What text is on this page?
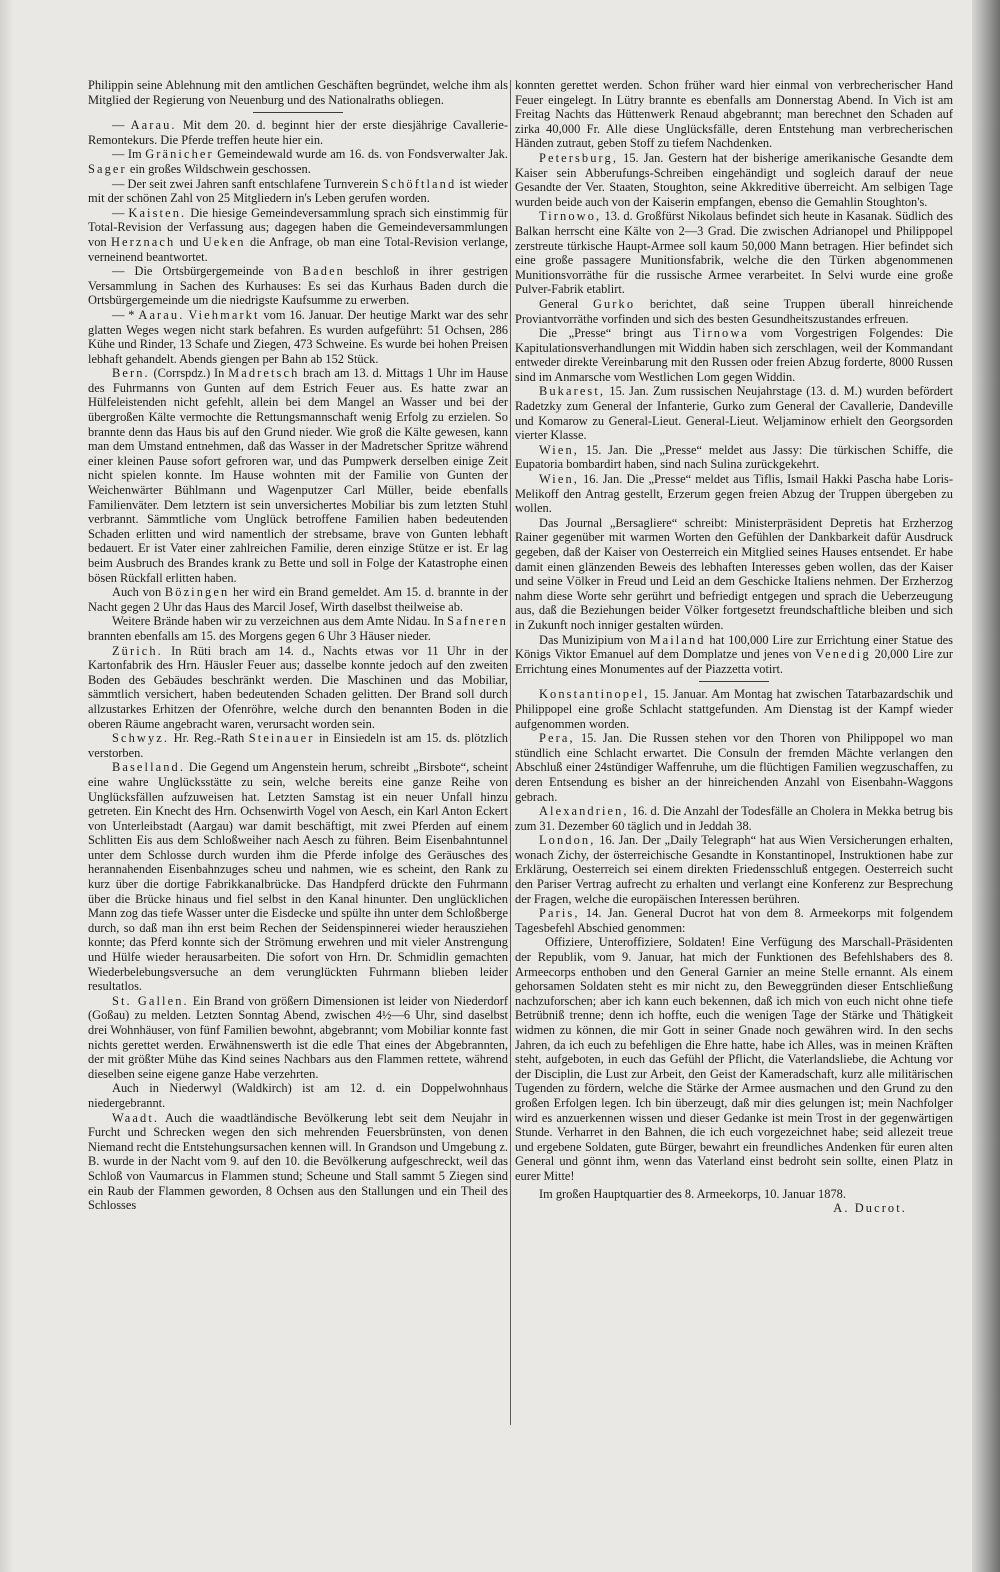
Philippin seine Ablehnung mit den amtlichen Geschäften begründet, welche ihm als Mitglied der Regierung von Neuenburg und des Nationalraths obliegen.

— Aarau. Mit dem 20. d. beginnt hier der erste diesjährige Cavallerie-Remontekurs. Die Pferde treffen heute hier ein.

— Im Gränicher Gemeindewald wurde am 16. ds. von Fondsverwalter Jak. Sager ein großes Wildschwein geschossen.

— Der seit zwei Jahren sanft entschlafene Turnverein Schöftland ist wieder mit der schönen Zahl von 25 Mitgliedern in's Leben gerufen worden.

— Kaisten. Die hiesige Gemeindeversammlung sprach sich einstimmig für Total-Revision der Verfassung aus; dagegen haben die Gemeindeversammlungen von Herznach und Ueken die Anfrage, ob man eine Total-Revision verlange, verneinend beantwortet.

— Die Ortsbürgergemeinde von Baden beschloß in ihrer gestrigen Versammlung in Sachen des Kurhauses: Es sei das Kurhaus Baden durch die Ortsbürgergemeinde um die niedrigste Kaufsumme zu erwerben.

— * Aarau. Viehmarkt vom 16. Januar. Der heutige Markt war des sehr glatten Weges wegen nicht stark befahren. Es wurden aufgeführt: 51 Ochsen, 286 Kühe und Rinder, 13 Schafe und Ziegen, 473 Schweine. Es wurde bei hohen Preisen lebhaft gehandelt. Abends giengen per Bahn ab 152 Stück.

Bern. (Corrspdz.) In Madretsch brach am 13. d. Mittags 1 Uhr im Hause des Fuhrmanns von Gunten auf dem Estrich Feuer aus. Es hatte zwar an Hülfeleistenden nicht gefehlt, allein bei dem Mangel an Wasser und bei der übergroßen Kälte vermochte die Rettungsmannschaft wenig Erfolg zu erzielen. So brannte denn das Haus bis auf den Grund nieder. Wie groß die Kälte gewesen, kann man dem Umstand entnehmen, daß das Wasser in der Madretscher Spritze während einer kleinen Pause sofort gefroren war, und das Pumpwerk derselben einige Zeit nicht spielen konnte. Im Hause wohnten mit der Familie von Gunten der Weichenwärter Bühlmann und Wagenputzer Carl Müller, beide ebenfalls Familienväter. Dem letztern ist sein unversichertes Mobiliar bis zum letzten Stuhl verbrannt. Sämmtliche vom Unglück betroffene Familien haben bedeutenden Schaden erlitten und wird namentlich der strebsame, brave von Gunten lebhaft bedauert. Er ist Vater einer zahlreichen Familie, deren einzige Stütze er ist. Er lag beim Ausbruch des Brandes krank zu Bette und soll in Folge der Katastrophe einen bösen Rückfall erlitten haben.

Auch von Bözingen her wird ein Brand gemeldet. Am 15. d. brannte in der Nacht gegen 2 Uhr das Haus des Marcil Josef, Wirth daselbst theilweise ab.

Weitere Brände haben wir zu verzeichnen aus dem Amte Nidau. In Safneren brannten ebenfalls am 15. des Morgens gegen 6 Uhr 3 Häuser nieder.

Zürich. In Rüti brach am 14. d., Nachts etwas vor 11 Uhr in der Kartonfabrik des Hrn. Häusler Feuer aus; dasselbe konnte jedoch auf den zweiten Boden des Gebäudes beschränkt werden. Die Maschinen und das Mobiliar, sämmtlich versichert, haben bedeutenden Schaden gelitten. Der Brand soll durch allzustarkes Erhitzen der Ofenröhre, welche durch den benannten Boden in die oberen Räume angebracht waren, verursacht worden sein.

Schwyz. Hr. Reg.-Rath Steinauer in Einsiedeln ist am 15. ds. plötzlich verstorben.

Baselland. Die Gegend um Angenstein herum, schreibt „Birsbote“, scheint eine wahre Unglücksstätte zu sein, welche bereits eine ganze Reihe von Unglücksfällen aufzuweisen hat. Letzten Samstag ist ein neuer Unfall hinzu getreten. Ein Knecht des Hrn. Ochsenwirth Vogel von Aesch, ein Karl Anton Eckert von Unterleibstadt (Aargau) war damit beschäftigt, mit zwei Pferden auf einem Schlitten Eis aus dem Schloßweiher nach Aesch zu führen. Beim Eisenbahntunnel unter dem Schlosse durch wurden ihm die Pferde infolge des Geräusches des herannahenden Eisenbahnzuges scheu und nahmen, wie es scheint, den Rank zu kurz über die dortige Fabrikkanalbrücke. Das Handpferd drückte den Fuhrmann über die Brücke hinaus und fiel selbst in den Kanal hinunter. Den unglücklichen Mann zog das tiefe Wasser unter die Eisdecke und spülte ihn unter dem Schloßberge durch, so daß man ihn erst beim Rechen der Seidenspinnerei wieder herausziehen konnte; das Pferd konnte sich der Strömung erwehren und mit vieler Anstrengung und Hülfe wieder herausarbeiten. Die sofort von Hrn. Dr. Schmidlin gemachten Wiederbelebungsversuche an dem verunglückten Fuhrmann blieben leider resultatlos.

St. Gallen. Ein Brand von größern Dimensionen ist leider von Niederdorf (Goßau) zu melden. Letzten Sonntag Abend, zwischen 4½—6 Uhr, sind daselbst drei Wohnhäuser, von fünf Familien bewohnt, abgebrannt; vom Mobiliar konnte fast nichts gerettet werden. Erwähnenswerth ist die edle That eines der Abgebrannten, der mit größter Mühe das Kind seines Nachbars aus den Flammen rettete, während dieselben seine eigene ganze Habe verzehrten.

Auch in Niederwyl (Waldkirch) ist am 12. d. ein Doppelwohnhaus niedergebrannt.

Waadt. Auch die waadtländische Bevölkerung lebt seit dem Neujahr in Furcht und Schrecken wegen den sich mehrenden Feuersbrünsten, von denen Niemand recht die Entstehungsursachen kennen will. In Grandson und Umgebung z. B. wurde in der Nacht vom 9. auf den 10. die Bevölkerung aufgeschreckt, weil das Schloß von Vaumarcus in Flammen stund; Scheune und Stall sammt 5 Ziegen sind ein Raub der Flammen geworden, 8 Ochsen aus den Stallungen und ein Theil des Schlosses

konnten gerettet werden. Schon früher ward hier einmal von verbrecherischer Hand Feuer eingelegt. In Lütry brannte es ebenfalls am Donnerstag Abend. In Vich ist am Freitag Nachts das Hüttenwerk Renaud abgebrannt; man berechnet den Schaden auf zirka 40,000 Fr. Alle diese Unglücksfälle, deren Entstehung man verbrecherischen Händen zutraut, geben Stoff zu tiefem Nachdenken.

Petersburg, 15. Jan. Gestern hat der bisherige amerikanische Gesandte dem Kaiser sein Abberufungs-Schreiben eingehändigt und sogleich darauf der neue Gesandte der Ver. Staaten, Stoughton, seine Akkreditive überreicht. Am selbigen Tage wurden beide auch von der Kaiserin empfangen, ebenso die Gemahlin Stoughton's.

Tirnowo, 13. d. Großfürst Nikolaus befindet sich heute in Kasanak. Südlich des Balkan herrscht eine Kälte von 2—3 Grad. Die zwischen Adrianopel und Philippopel zerstreute türkische Haupt-Armee soll kaum 50,000 Mann betragen. Hier befindet sich eine große passagere Munitionsfabrik, welche die den Türken abgenommenen Munitionsvorräthe für die russische Armee verarbeitet. In Selvi wurde eine große Pulver-Fabrik etablirt.

General Gurko berichtet, daß seine Truppen überall hinreichende Proviantvorräthe vorfinden und sich des besten Gesundheitszustandes erfreuen.

Die „Presse“ bringt aus Tirnowa vom Vorgestrigen Folgendes: Die Kapitulationsverhandlungen mit Widdin haben sich zerschlagen, weil der Kommandant entweder direkte Vereinbarung mit den Russen oder freien Abzug forderte, 8000 Russen sind im Anmarsche vom Westlichen Lom gegen Widdin.

Bukarest, 15. Jan. Zum russischen Neujahrstage (13. d. M.) wurden befördert Radetzky zum General der Infanterie, Gurko zum General der Cavallerie, Dandeville und Komarow zu General-Lieut. General-Lieut. Weljaminow erhielt den Georgsorden vierter Klasse.

Wien, 15. Jan. Die „Presse“ meldet aus Jassy: Die türkischen Schiffe, die Eupatoria bombardirt haben, sind nach Sulina zurückgekehrt.

Wien, 16. Jan. Die „Presse“ meldet aus Tiflis, Ismail Hakki Pascha habe Loris-Melikoff den Antrag gestellt, Erzerum gegen freien Abzug der Truppen übergeben zu wollen.

Das Journal „Bersagliere“ schreibt: Ministerpräsident Depretis hat Erzherzog Rainer gegenüber mit warmen Worten den Gefühlen der Dankbarkeit dafür Ausdruck gegeben, daß der Kaiser von Oesterreich ein Mitglied seines Hauses entsendet. Er habe damit einen glänzenden Beweis des lebhaften Interesses geben wollen, das der Kaiser und seine Völker in Freud und Leid an dem Geschicke Italiens nehmen. Der Erzherzog nahm diese Worte sehr gerührt und befriedigt entgegen und sprach die Ueberzeugung aus, daß die Beziehungen beider Völker fortgesetzt freundschaftliche bleiben und sich in Zukunft noch inniger gestalten würden.

Das Munizipium von Mailand hat 100,000 Lire zur Errichtung einer Statue des Königs Viktor Emanuel auf dem Domplatze und jenes von Venedig 20,000 Lire zur Errichtung eines Monumentes auf der Piazzetta votirt.

Konstantinopel, 15. Januar. Am Montag hat zwischen Tatarbazardschik und Philippopel eine große Schlacht stattgefunden. Am Dienstag ist der Kampf wieder aufgenommen worden.

Pera, 15. Jan. Die Russen stehen vor den Thoren von Philippopel wo man stündlich eine Schlacht erwartet. Die Consuln der fremden Mächte verlangen den Abschluß einer 24stündiger Waffenruhe, um die flüchtigen Familien wegzuschaffen, zu deren Entsendung es bisher an der hinreichenden Anzahl von Eisenbahn-Waggons gebrach.

Alexandrien, 16. d. Die Anzahl der Todesfälle an Cholera in Mekka betrug bis zum 31. Dezember 60 täglich und in Jeddah 38.

London, 16. Jan. Der „Daily Telegraph“ hat aus Wien Versicherungen erhalten, wonach Zichy, der österreichische Gesandte in Konstantinopel, Instruktionen habe zur Erklärung, Oesterreich sei einem direkten Friedensschluß entgegen. Oesterreich sucht den Pariser Vertrag aufrecht zu erhalten und verlangt eine Konferenz zur Besprechung der Fragen, welche die europäischen Interessen berühren.

Paris, 14. Jan. General Ducrot hat von dem 8. Armeekorps mit folgendem Tagesbefehl Abschied genommen:

Offiziere, Unteroffiziere, Soldaten! Eine Verfügung des Marschall-Präsidenten der Republik, vom 9. Januar, hat mich der Funktionen des Befehlshabers des 8. Armeecorps enthoben und den General Garnier an meine Stelle ernannt. Als einem gehorsamen Soldaten steht es mir nicht zu, den Beweggründen dieser Entschließung nachzuforschen; aber ich kann euch bekennen, daß ich mich von euch nicht ohne tiefe Betrübniß trenne; denn ich hoffte, euch die wenigen Tage der Stärke und Thätigkeit widmen zu können, die mir Gott in seiner Gnade noch gewähren wird. In den sechs Jahren, da ich euch zu befehligen die Ehre hatte, habe ich Alles, was in meinen Kräften steht, aufgeboten, in euch das Gefühl der Pflicht, die Vaterlandsliebe, die Achtung vor der Disciplin, die Lust zur Arbeit, den Geist der Kameradschaft, kurz alle militärischen Tugenden zu fördern, welche die Stärke der Armee ausmachen und den Grund zu den großen Erfolgen legen. Ich bin überzeugt, daß mir dies gelungen ist; mein Nachfolger wird es anzuerkennen wissen und dieser Gedanke ist mein Trost in der gegenwärtigen Stunde. Verharret in den Bahnen, die ich euch vorgezeichnet habe; seid allezeit treue und ergebene Soldaten, gute Bürger, bewahrt ein freundliches Andenken für euren alten General und gönnt ihm, wenn das Vaterland einst bedroht sein sollte, einen Platz in eurer Mitte!

Im großen Hauptquartier des 8. Armeekorps, 10. Januar 1878.

A. Ducrot.
